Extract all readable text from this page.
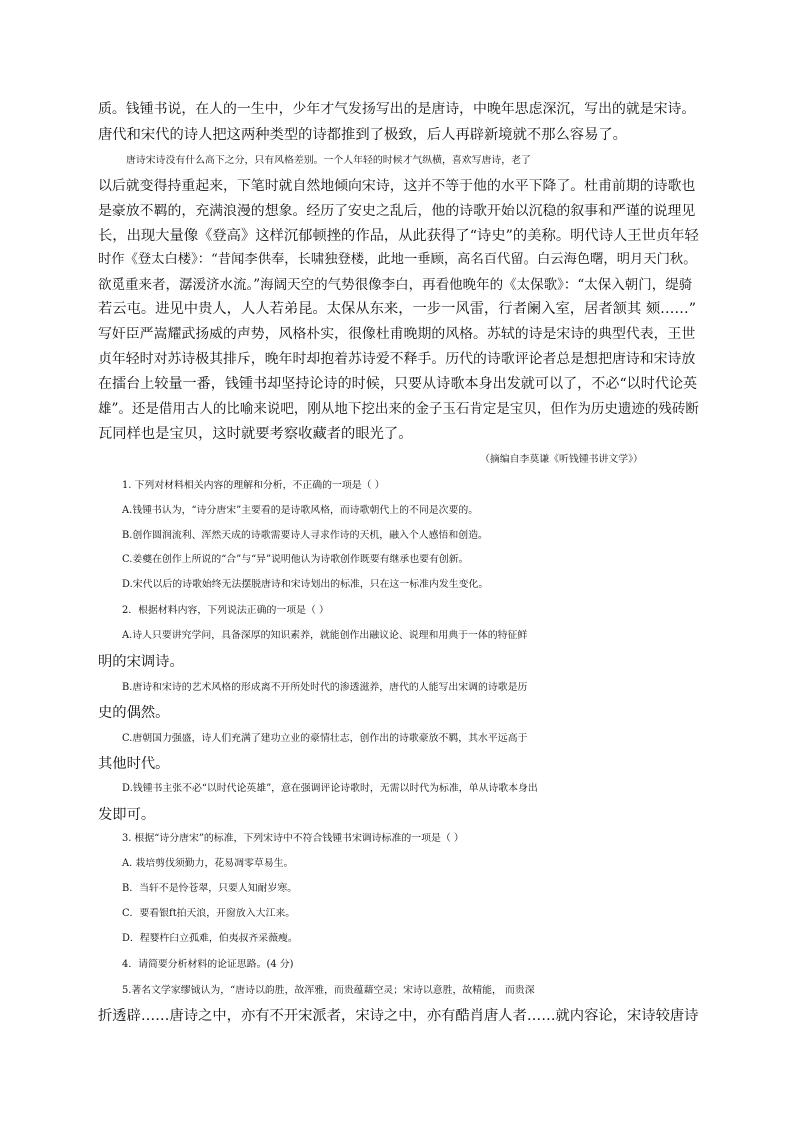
质。钱锺书说，在人的一生中，少年才气发扬写出的是唐诗，中晚年思虑深沉，写出的就是宋诗。
唐代和宋代的诗人把这两种类型的诗都推到了极致，后人再辟新境就不那么容易了。
唐诗宋诗没有什么高下之分，只有风格差别。一个人年轻的时候才气纵横，喜欢写唐诗，老了
以后就变得持重起来，下笔时就自然地倾向宋诗，这并不等于他的水平下降了。杜甫前期的诗歌也
是豪放不羁的，充满浪漫的想象。经历了安史之乱后，他的诗歌开始以沉稳的叙事和严谨的说理见
长，出现大量像《登高》这样沉郁顿挫的作品，从此获得了“诗史”的美称。明代诗人王世贞年轻
时作《登太白楼》：“昔闻李供奉，长啸独登楼，此地一垂顾，高名百代留。白云海色曙，明月天门秋。
欲觅重来者，潺湲济水流。”海阔天空的气势很像李白，再看他晚年的《太保歌》：“太保入朝门，缇骑
若云屯。进见中贵人，人人若弟昆。太保从东来，一步一风雷，行者阑入室，居者颔其 颏……”
写奸臣严嵩耀武扬威的声势，风格朴实，很像杜甫晚期的风格。苏轼的诗是宋诗的典型代表，王世
贞年轻时对苏诗极其排斥，晚年时却抱着苏诗爱不释手。历代的诗歌评论者总是想把唐诗和宋诗放
在擂台上较量一番，钱锺书却坚持论诗的时候，只要从诗歌本身出发就可以了，不必“以时代论英
雄”。还是借用古人的比喻来说吧，刚从地下挖出来的金子玉石肯定是宝贝，但作为历史遗迹的残砖断
瓦同样也是宝贝，这时就要考察收藏者的眼光了。
（摘编自李莫谦《听钱锺书讲文学》）
1. 下列对材料相关内容的理解和分析，不正确的一项是（ ）
A.钱锺书认为，“诗分唐宋”主要看的是诗歌风格，而诗歌朝代上的不同是次要的。
B.创作圆润流利、浑然天成的诗歌需要诗人寻求作诗的天机，融入个人感悟和创造。
C.姜夔在创作上所说的“合”与“异”说明他认为诗歌创作既要有继承也要有创新。
D.宋代以后的诗歌始终无法摆脱唐诗和宋诗划出的标准，只在这一标准内发生变化。
2．根据材料内容，下列说法正确的一项是（ ）
A.诗人只要讲究学问，具备深厚的知识素养，就能创作出融议论、说理和用典于一体的特征鲜
明的宋调诗。
B.唐诗和宋诗的艺术风格的形成离不开所处时代的渗透滋养，唐代的人能写出宋调的诗歌是历
史的偶然。
C.唐朝国力强盛，诗人们充满了建功立业的豪情壮志，创作出的诗歌豪放不羁，其水平远高于
其他时代。
D.钱锺书主张不必“以时代论英雄”，意在强调评论诗歌时，无需以时代为标准，单从诗歌本身出
发即可。
3. 根据“诗分唐宋”的标准，下列宋诗中不符合钱锺书宋调诗标准的一项是（ ）
A. 栽培剪伐须勤力，花易凋零草易生。
B．当轩不是怜苍翠，只要人知耐岁寒。
C．要看银ft拍天浪，开窗放入大江来。
D．程婴杵臼立孤难，伯夷叔齐采薇瘦。
4．请简要分析材料的论证思路。(4 分)
5.著名文学家缪钺认为，“唐诗以韵胜，故浑雅，而贵蕴藉空灵；宋诗以意胜，故精能， 而贵深
折透辟……唐诗之中，亦有不开宋派者，宋诗之中，亦有酷肖唐人者……就内容论，宋诗较唐诗
